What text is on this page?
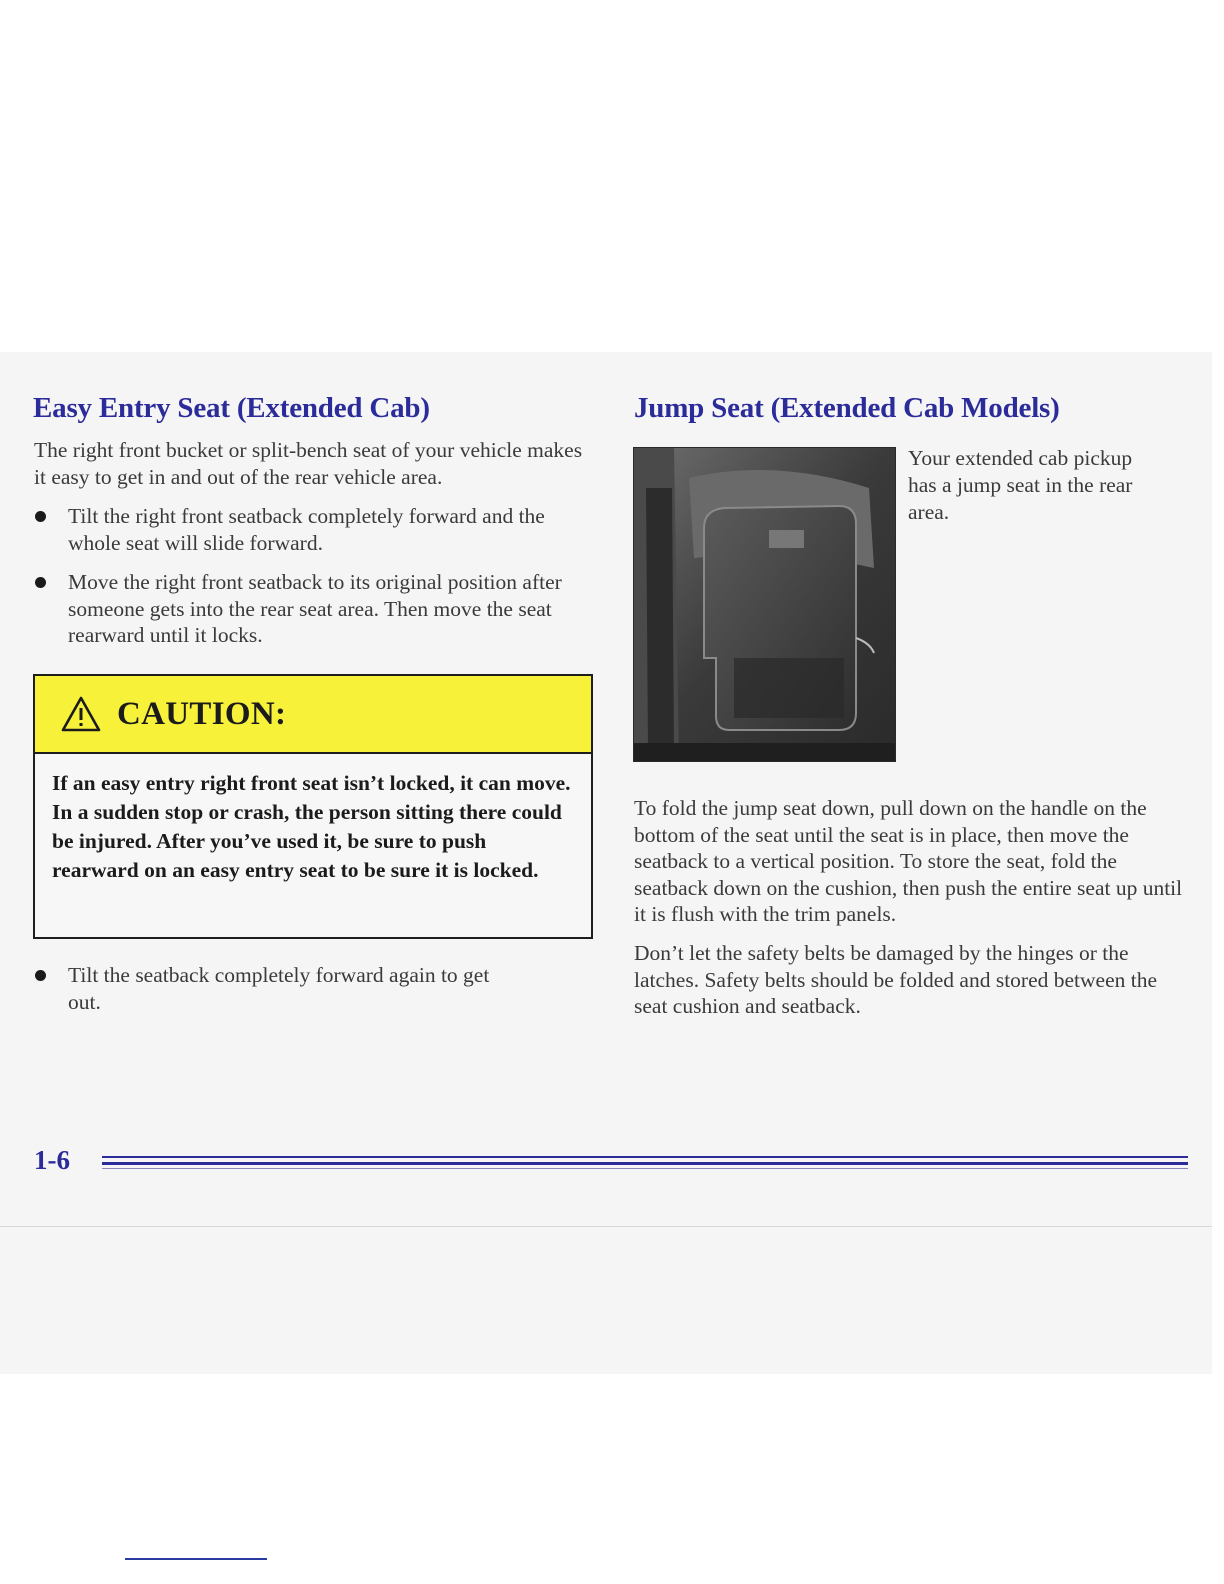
Easy Entry Seat (Extended Cab)

The right front bucket or split-bench seat of your vehicle makes it easy to get in and out of the rear vehicle area.

Tilt the right front seatback completely forward and the whole seat will slide forward.

Move the right front seatback to its original position after someone gets into the rear seat area. Then move the seat rearward until it locks.

CAUTION:

If an easy entry right front seat isn’t locked, it can move. In a sudden stop or crash, the person sitting there could be injured. After you’ve used it, be sure to push rearward on an easy entry seat to be sure it is locked.

Tilt the seatback completely forward again to get out.

Jump Seat (Extended Cab Models)

Your extended cab pickup has a jump seat in the rear area.

To fold the jump seat down, pull down on the handle on the bottom of the seat until the seat is in place, then move the seatback to a vertical position. To store the seat, fold the seatback down on the cushion, then push the entire seat up until it is flush with the trim panels.

Don’t let the safety belts be damaged by the hinges or the latches. Safety belts should be folded and stored between the seat cushion and seatback.

1-6
